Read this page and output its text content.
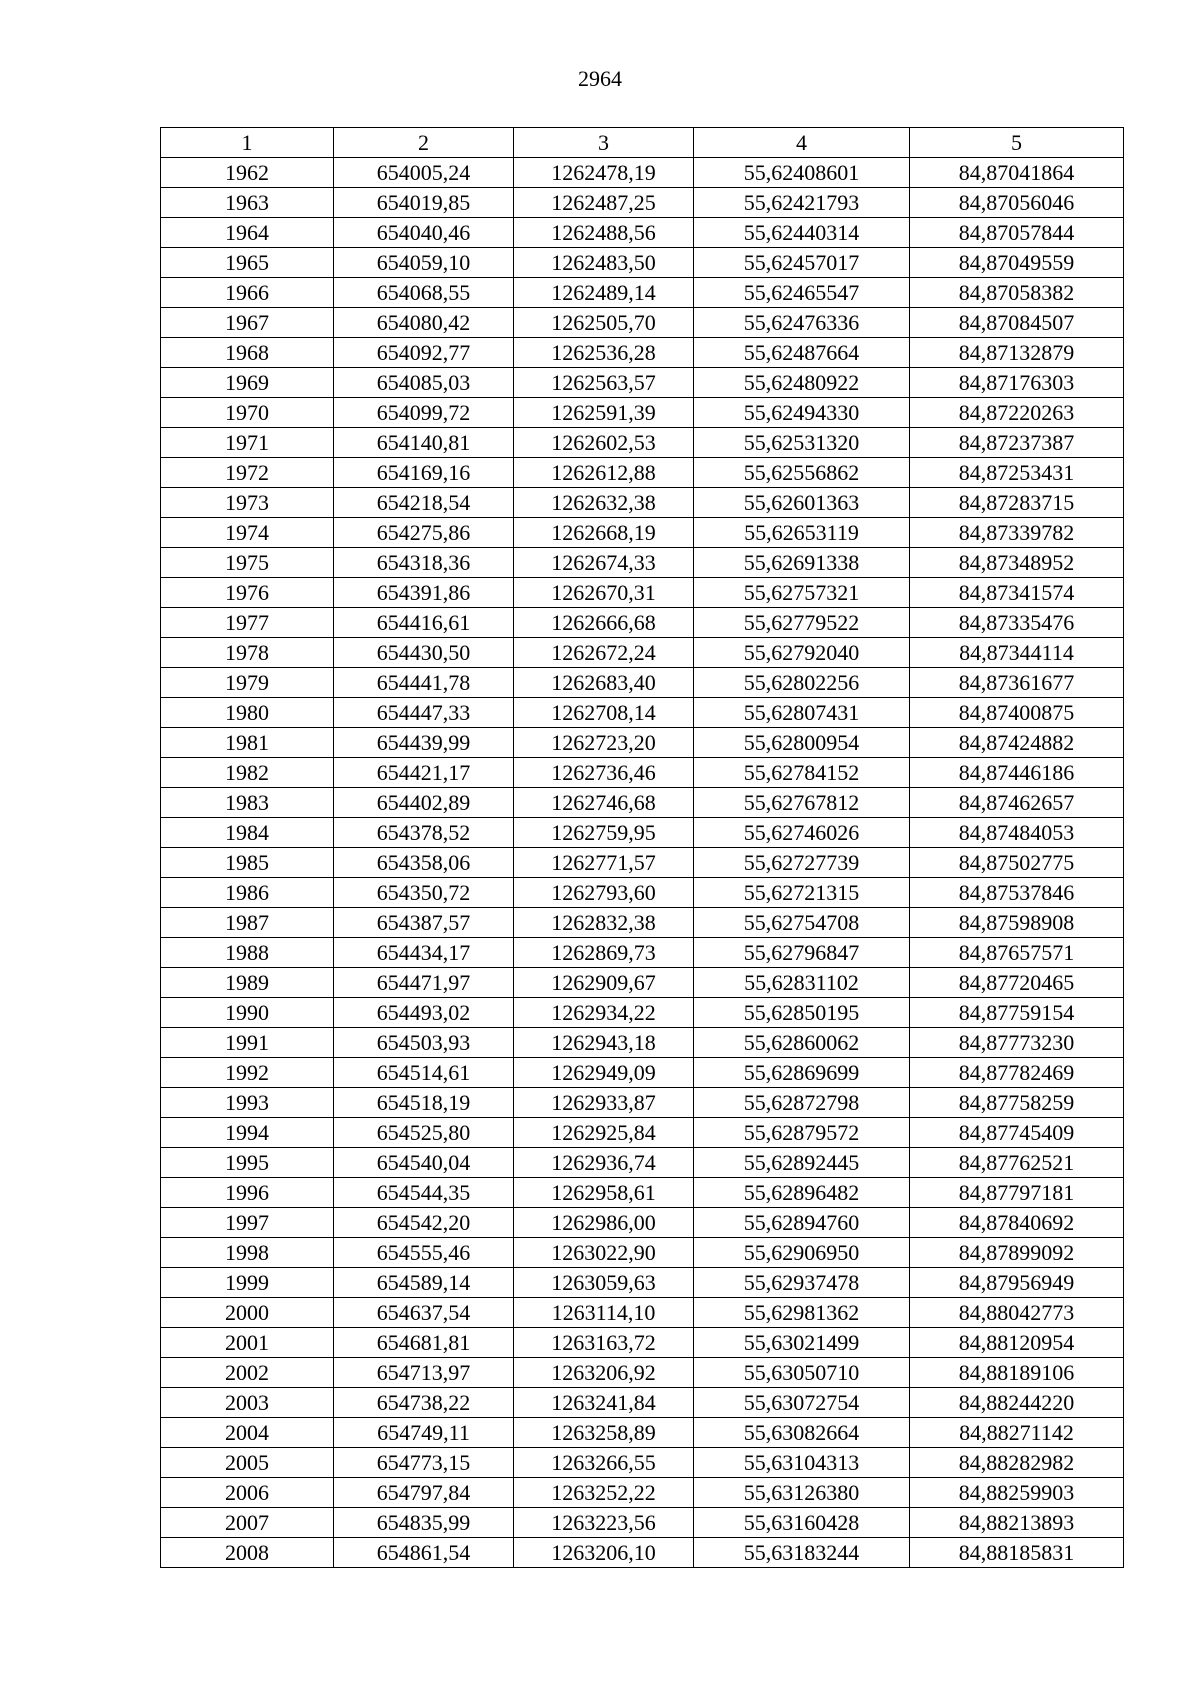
2964
1	2	3	4	5
1962	654005,24	1262478,19	55,62408601	84,87041864
1963	654019,85	1262487,25	55,62421793	84,87056046
1964	654040,46	1262488,56	55,62440314	84,87057844
1965	654059,10	1262483,50	55,62457017	84,87049559
1966	654068,55	1262489,14	55,62465547	84,87058382
1967	654080,42	1262505,70	55,62476336	84,87084507
1968	654092,77	1262536,28	55,62487664	84,87132879
1969	654085,03	1262563,57	55,62480922	84,87176303
1970	654099,72	1262591,39	55,62494330	84,87220263
1971	654140,81	1262602,53	55,62531320	84,87237387
1972	654169,16	1262612,88	55,62556862	84,87253431
1973	654218,54	1262632,38	55,62601363	84,87283715
1974	654275,86	1262668,19	55,62653119	84,87339782
1975	654318,36	1262674,33	55,62691338	84,87348952
1976	654391,86	1262670,31	55,62757321	84,87341574
1977	654416,61	1262666,68	55,62779522	84,87335476
1978	654430,50	1262672,24	55,62792040	84,87344114
1979	654441,78	1262683,40	55,62802256	84,87361677
1980	654447,33	1262708,14	55,62807431	84,87400875
1981	654439,99	1262723,20	55,62800954	84,87424882
1982	654421,17	1262736,46	55,62784152	84,87446186
1983	654402,89	1262746,68	55,62767812	84,87462657
1984	654378,52	1262759,95	55,62746026	84,87484053
1985	654358,06	1262771,57	55,62727739	84,87502775
1986	654350,72	1262793,60	55,62721315	84,87537846
1987	654387,57	1262832,38	55,62754708	84,87598908
1988	654434,17	1262869,73	55,62796847	84,87657571
1989	654471,97	1262909,67	55,62831102	84,87720465
1990	654493,02	1262934,22	55,62850195	84,87759154
1991	654503,93	1262943,18	55,62860062	84,87773230
1992	654514,61	1262949,09	55,62869699	84,87782469
1993	654518,19	1262933,87	55,62872798	84,87758259
1994	654525,80	1262925,84	55,62879572	84,87745409
1995	654540,04	1262936,74	55,62892445	84,87762521
1996	654544,35	1262958,61	55,62896482	84,87797181
1997	654542,20	1262986,00	55,62894760	84,87840692
1998	654555,46	1263022,90	55,62906950	84,87899092
1999	654589,14	1263059,63	55,62937478	84,87956949
2000	654637,54	1263114,10	55,62981362	84,88042773
2001	654681,81	1263163,72	55,63021499	84,88120954
2002	654713,97	1263206,92	55,63050710	84,88189106
2003	654738,22	1263241,84	55,63072754	84,88244220
2004	654749,11	1263258,89	55,63082664	84,88271142
2005	654773,15	1263266,55	55,63104313	84,88282982
2006	654797,84	1263252,22	55,63126380	84,88259903
2007	654835,99	1263223,56	55,63160428	84,88213893
2008	654861,54	1263206,10	55,63183244	84,88185831
